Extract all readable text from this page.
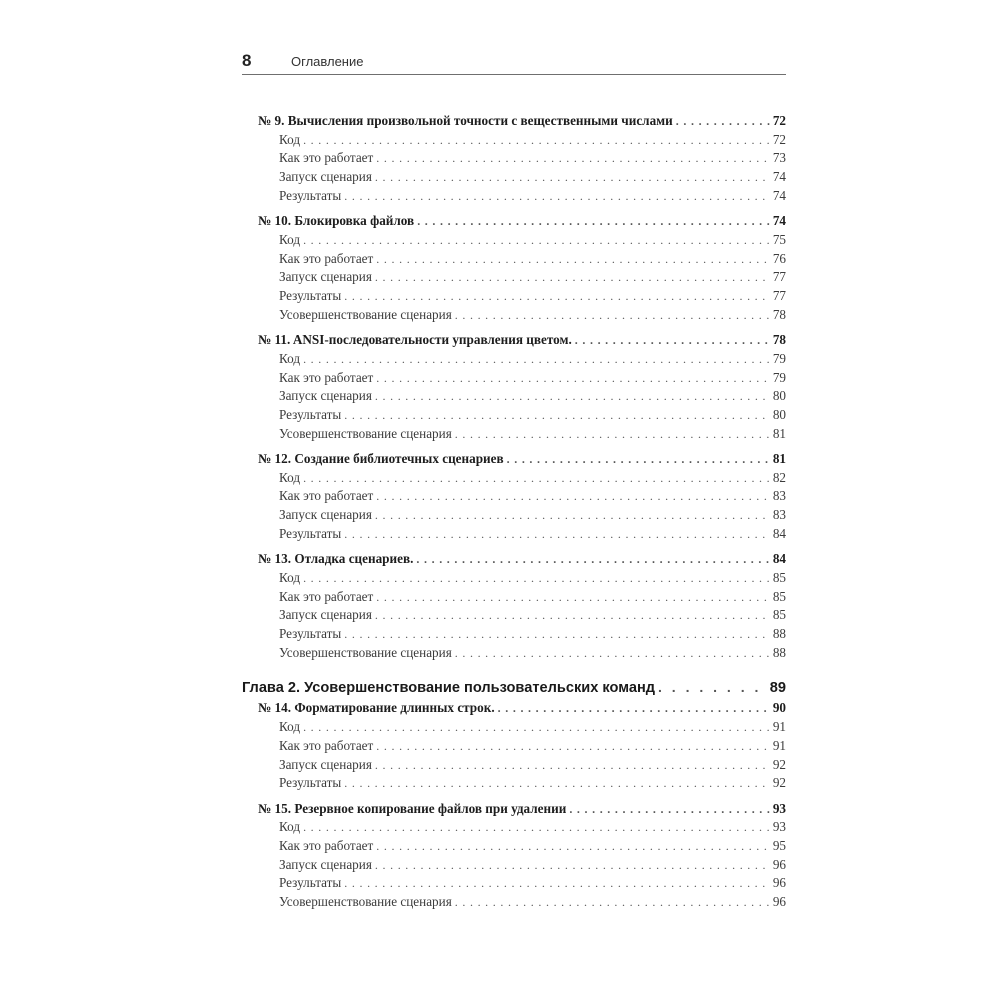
8	Оглавление
№ 9. Вычисления произвольной точности с вещественными числами . . .	72
Код . . .	72
Как это работает . . .	73
Запуск сценария . . .	74
Результаты . . .	74
№ 10. Блокировка файлов . . .	74
Код . . .	75
Как это работает . . .	76
Запуск сценария . . .	77
Результаты . . .	77
Усовершенствование сценария . . .	78
№ 11. ANSI-последовательности управления цветом. . . .	78
Код . . .	79
Как это работает . . .	79
Запуск сценария . . .	80
Результаты . . .	80
Усовершенствование сценария . . .	81
№ 12. Создание библиотечных сценариев . . .	81
Код . . .	82
Как это работает . . .	83
Запуск сценария . . .	83
Результаты . . .	84
№ 13. Отладка сценариев. . . .	84
Код . . .	85
Как это работает . . .	85
Запуск сценария . . .	85
Результаты . . .	88
Усовершенствование сценария . . .	88
Глава 2. Усовершенствование пользовательских команд . . .	89
№ 14. Форматирование длинных строк. . . .	90
Код . . .	91
Как это работает . . .	91
Запуск сценария . . .	92
Результаты . . .	92
№ 15. Резервное копирование файлов при удалении . . .	93
Код . . .	93
Как это работает . . .	95
Запуск сценария . . .	96
Результаты . . .	96
Усовершенствование сценария . . .	96
